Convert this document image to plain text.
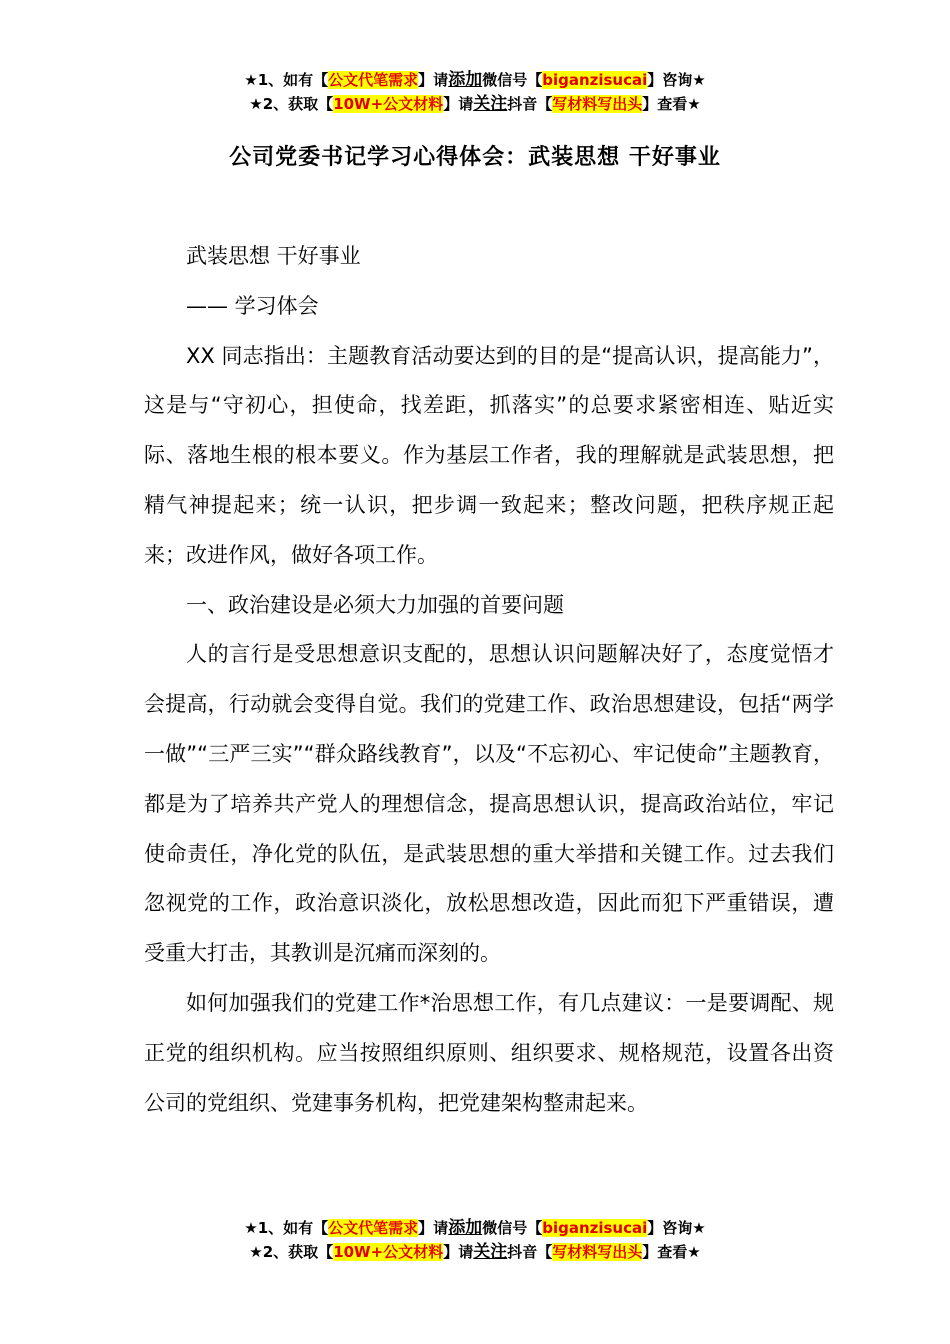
★1、如有【公文代笔需求】请添加微信号【biganzisucai】咨询★
★2、获取【10W+公文材料】请关注抖音【写材料写出头】查看★
公司党委书记学习心得体会：武装思想 干好事业

武装思想 干好事业

—— 学习体会

XX 同志指出：主题教育活动要达到的目的是“提高认识，提高能力”，这是与“守初心，担使命，找差距，抓落实”的总要求紧密相连、贴近实际、落地生根的根本要义。作为基层工作者，我的理解就是武装思想，把精气神提起来；统一认识，把步调一致起来；整改问题，把秩序规正起来；改进作风，做好各项工作。

一、政治建设是必须大力加强的首要问题

人的言行是受思想意识支配的，思想认识问题解决好了，态度觉悟才会提高，行动就会变得自觉。我们的党建工作、政治思想建设，包括“两学一做”“三严三实”“群众路线教育”，以及“不忘初心、牢记使命”主题教育，都是为了培养共产党人的理想信念，提高思想认识，提高政治站位，牢记使命责任，净化党的队伍，是武装思想的重大举措和关键工作。过去我们忽视党的工作，政治意识淡化，放松思想改造，因此而犯下严重错误，遭受重大打击，其教训是沉痛而深刻的。

如何加强我们的党建工作*治思想工作，有几点建议：一是要调配、规正党的组织机构。应当按照组织原则、组织要求、规格规范，设置各出资公司的党组织、党建事务机构，把党建架构整肃起来。

★1、如有【公文代笔需求】请添加微信号【biganzisucai】咨询★
★2、获取【10W+公文材料】请关注抖音【写材料写出头】查看★
